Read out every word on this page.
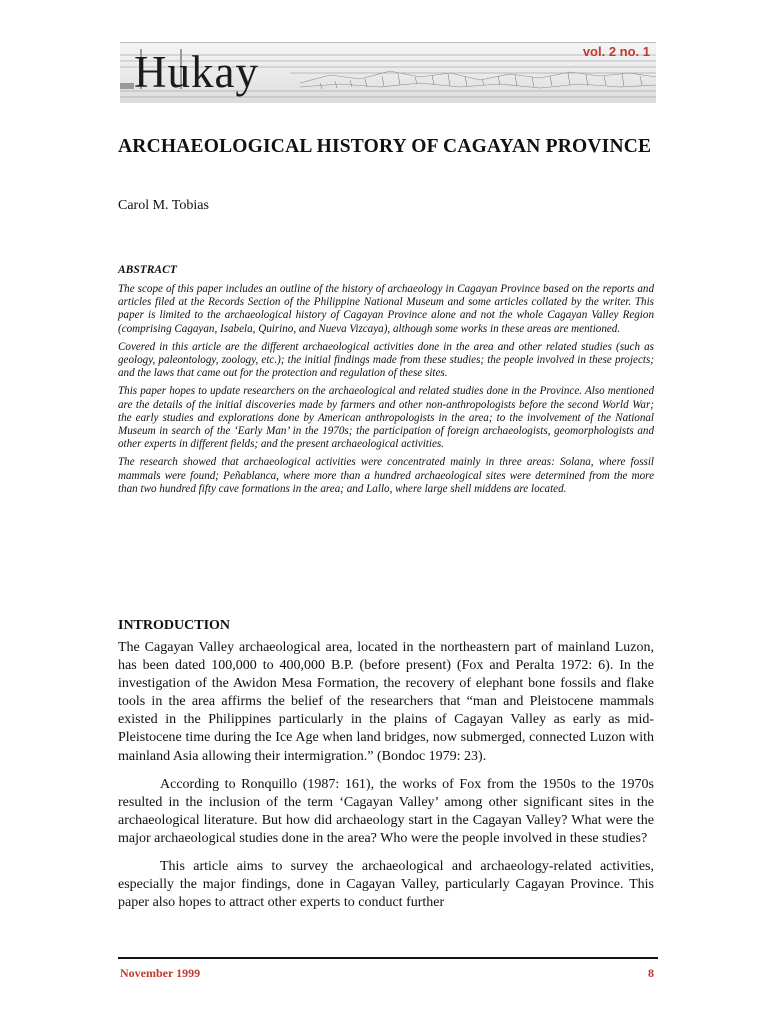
Hukay	vol. 2 no. 1

ARCHAEOLOGICAL HISTORY OF CAGAYAN PROVINCE

Carol M. Tobias

ABSTRACT

The scope of this paper includes an outline of the history of archaeology in Cagayan Province based on the reports and articles filed at the Records Section of the Philippine National Museum and some articles collated by the writer. This paper is limited to the archaeological history of Cagayan Province alone and not the whole Cagayan Valley Region (comprising Cagayan, Isabela, Quirino, and Nueva Vizcaya), although some works in these areas are mentioned.

Covered in this article are the different archaeological activities done in the area and other related studies (such as geology, paleontology, zoology, etc.); the initial findings made from these studies; the people involved in these projects; and the laws that came out for the protection and regulation of these sites.

This paper hopes to update researchers on the archaeological and related studies done in the Province. Also mentioned are the details of the initial discoveries made by farmers and other non-anthropologists before the second World War; the early studies and explorations done by American anthropologists in the area; to the involvement of the National Museum in search of the ‘Early Man’ in the 1970s; the participation of foreign archaeologists, geomorphologists and other experts in different fields; and the present archaeological activities.

The research showed that archaeological activities were concentrated mainly in three areas: Solana, where fossil mammals were found; Peñablanca, where more than a hundred archaeological sites were determined from the more than two hundred fifty cave formations in the area; and Lallo, where large shell middens are located.

INTRODUCTION

The Cagayan Valley archaeological area, located in the northeastern part of mainland Luzon, has been dated 100,000 to 400,000 B.P. (before present) (Fox and Peralta 1972: 6). In the investigation of the Awidon Mesa Formation, the recovery of elephant bone fossils and flake tools in the area affirms the belief of the researchers that “man and Pleistocene mammals existed in the Philippines particularly in the plains of Cagayan Valley as early as mid-Pleistocene time during the Ice Age when land bridges, now submerged, connected Luzon with mainland Asia allowing their intermigration.” (Bondoc 1979: 23).

According to Ronquillo (1987: 161), the works of Fox from the 1950s to the 1970s resulted in the inclusion of the term ‘Cagayan Valley’ among other significant sites in the archaeological literature. But how did archaeology start in the Cagayan Valley? What were the major archaeological studies done in the area? Who were the people involved in these studies?

This article aims to survey the archaeological and archaeology-related activities, especially the major findings, done in Cagayan Valley, particularly Cagayan Province. This paper also hopes to attract other experts to conduct further

November 1999	8
